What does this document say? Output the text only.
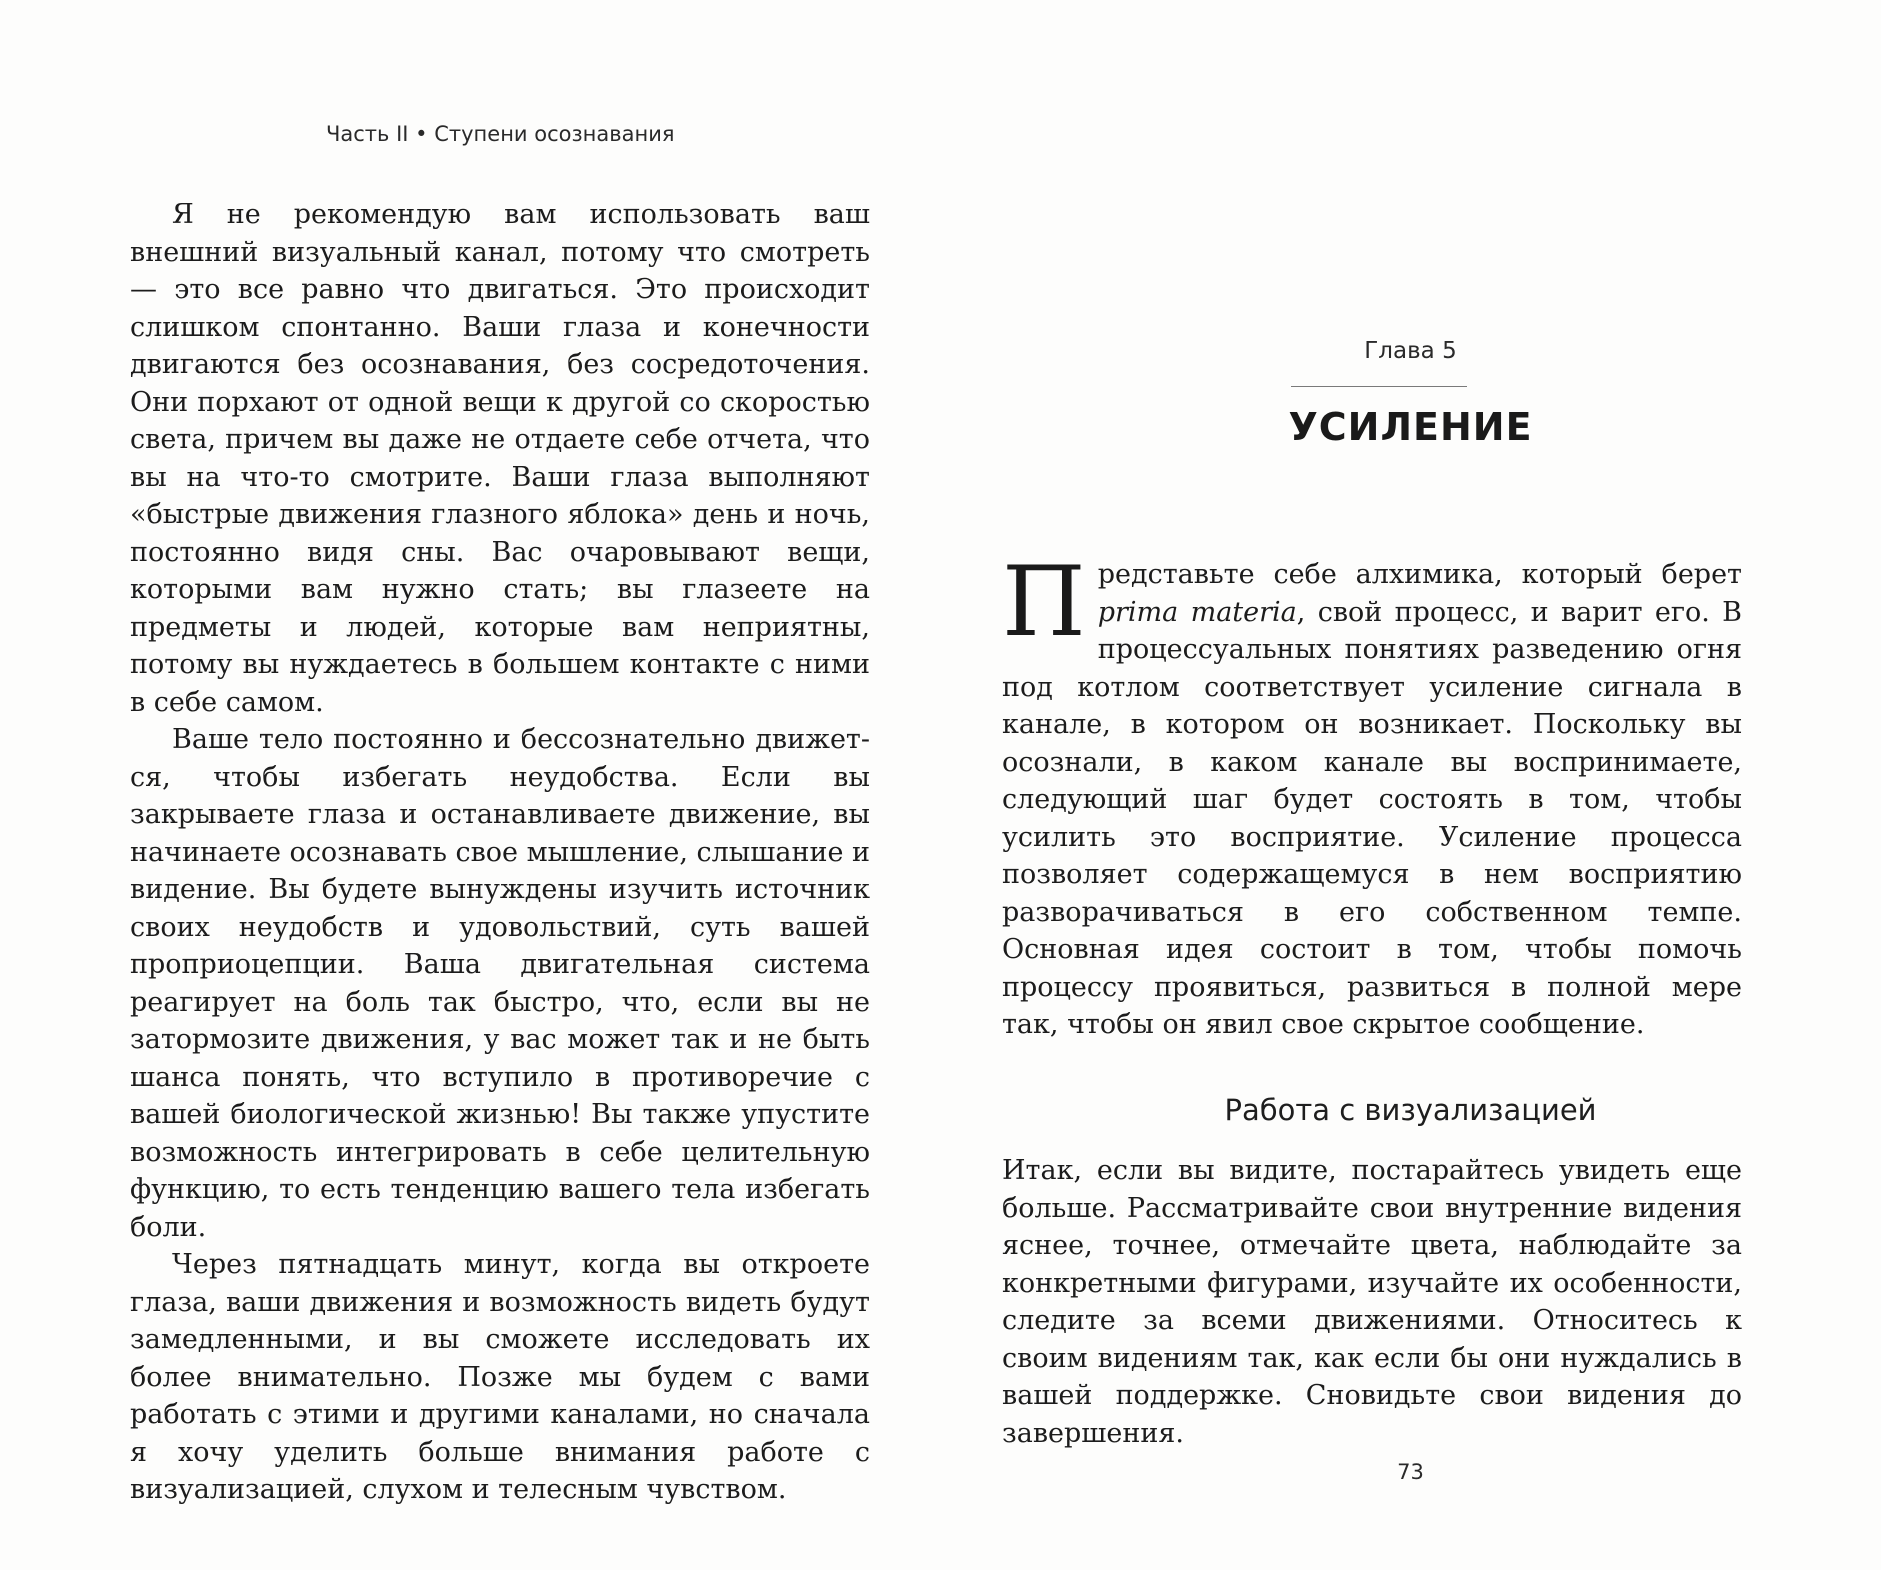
Часть II • Ступени осознавания

Я не рекомендую вам использовать ваш внешний визуальный канал, потому что смотреть — это все равно что двигаться. Это происходит слишком спонтанно. Ваши глаза и конечности двигаются без осознавания, без сосредоточения. Они порхают от одной вещи к другой со скоростью света, причем вы даже не отдаете себе отчета, что вы на что-то смотрите. Ваши глаза выполняют «быстрые движения глазного яблока» день и ночь, постоянно видя сны. Вас очаровывают вещи, которыми вам нужно стать; вы глазеете на предметы и людей, которые вам неприятны, потому вы нуждаетесь в большем контакте с ними в себе самом.

Ваше тело постоянно и бессознательно движется, чтобы избегать неудобства. Если вы закрываете глаза и останавливаете движение, вы начинаете осознавать свое мышление, слышание и видение. Вы будете вынуждены изучить источник своих неудобств и удовольствий, суть вашей проприоцепции. Ваша двигательная система реагирует на боль так быстро, что, если вы не затормозите движения, у вас может так и не быть шанса понять, что вступило в противоречие с вашей биологической жизнью! Вы также упустите возможность интегрировать в себе целительную функцию, то есть тенденцию вашего тела избегать боли.

Через пятнадцать минут, когда вы откроете глаза, ваши движения и возможность видеть будут замедленными, и вы сможете исследовать их более внимательно. Позже мы будем с вами работать с этими и другими каналами, но сначала я хочу уделить больше внимания работе с визуализацией, слухом и телесным чувством.

Глава 5
УСИЛЕНИЕ

Представьте себе алхимика, который берет prima materia, свой процесс, и варит его. В процессуальных понятиях разведению огня под котлом соответствует усиление сигнала в канале, в котором он возникает. Поскольку вы осознали, в каком канале вы воспринимаете, следующий шаг будет состоять в том, чтобы усилить это восприятие. Усиление процесса позволяет содержащемуся в нем восприятию разворачиваться в его собственном темпе. Основная идея состоит в том, чтобы помочь процессу проявиться, развиться в полной мере так, чтобы он явил свое скрытое сообщение.

Работа с визуализацией

Итак, если вы видите, постарайтесь увидеть еще больше. Рассматривайте свои внутренние видения яснее, точнее, отмечайте цвета, наблюдайте за конкретными фигурами, изучайте их особенности, следите за всеми движениями. Относитесь к своим видениям так, как если бы они нуждались в вашей поддержке. Сновидьте свои видения до завершения.

73
